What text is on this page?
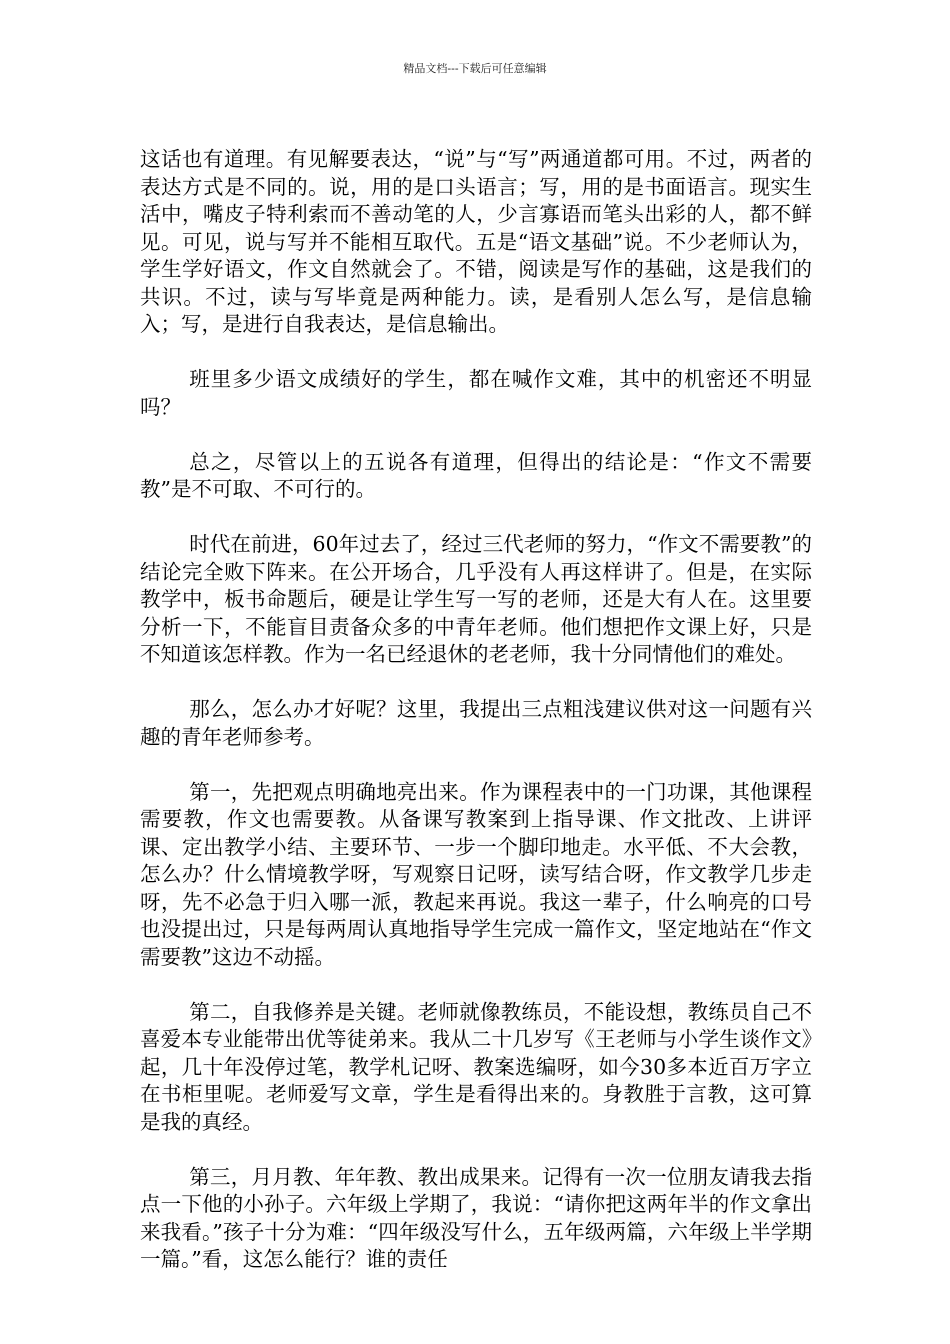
精品文档---下载后可任意编辑

这话也有道理。有见解要表达，“说”与“写”两通道都可用。不过，两者的表达方式是不同的。说，用的是口头语言；写，用的是书面语言。现实生活中，嘴皮子特利索而不善动笔的人，少言寡语而笔头出彩的人，都不鲜见。可见，说与写并不能相互取代。五是“语文基础”说。不少老师认为，学生学好语文，作文自然就会了。不错，阅读是写作的基础，这是我们的共识。不过，读与写毕竟是两种能力。读，是看别人怎么写，是信息输入；写，是进行自我表达，是信息输出。

班里多少语文成绩好的学生，都在喊作文难，其中的机密还不明显吗？

总之，尽管以上的五说各有道理，但得出的结论是：“作文不需要教”是不可取、不可行的。

时代在前进，60年过去了，经过三代老师的努力，“作文不需要教”的结论完全败下阵来。在公开场合，几乎没有人再这样讲了。但是，在实际教学中，板书命题后，硬是让学生写一写的老师，还是大有人在。这里要分析一下，不能盲目责备众多的中青年老师。他们想把作文课上好，只是不知道该怎样教。作为一名已经退休的老老师，我十分同情他们的难处。

那么，怎么办才好呢？这里，我提出三点粗浅建议供对这一问题有兴趣的青年老师参考。

第一，先把观点明确地亮出来。作为课程表中的一门功课，其他课程需要教，作文也需要教。从备课写教案到上指导课、作文批改、上讲评课、定出教学小结、主要环节、一步一个脚印地走。水平低、不大会教，怎么办？什么情境教学呀，写观察日记呀，读写结合呀，作文教学几步走呀，先不必急于归入哪一派，教起来再说。我这一辈子，什么响亮的口号也没提出过，只是每两周认真地指导学生完成一篇作文，坚定地站在“作文需要教”这边不动摇。

第二，自我修养是关键。老师就像教练员，不能设想，教练员自己不喜爱本专业能带出优等徒弟来。我从二十几岁写《王老师与小学生谈作文》起，几十年没停过笔，教学札记呀、教案选编呀，如今30多本近百万字立在书柜里呢。老师爱写文章，学生是看得出来的。身教胜于言教，这可算是我的真经。

第三，月月教、年年教、教出成果来。记得有一次一位朋友请我去指点一下他的小孙子。六年级上学期了，我说：“请你把这两年半的作文拿出来我看。”孩子十分为难：“四年级没写什么，五年级两篇，六年级上半学期一篇。”看，这怎么能行？谁的责任
